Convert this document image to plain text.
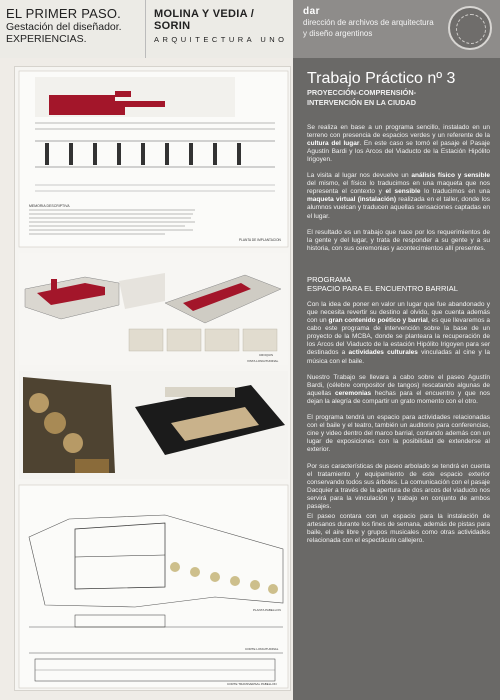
EL PRIMER PASO.
Gestación del diseñador.
EXPERIENCIAS.
MOLINA Y VEDIA / SORIN
ARQUITECTURA UNO
dar
dirección de archivos de arquitectura
y diseño argentinos
MEMORIA DESCRIPTIVA
PLANTA DE IMPLANTACION
VISTA LONGITUDINAL
CROQUIS
PLANTA PABELLON
CORTE LONGITUDINAL
CORTE TRANSVERSAL PABELLON
Trabajo Práctico nº 3
PROYECCIÓN-COMPRENSIÓN-
INTERVENCIÓN EN LA CIUDAD

Se realiza en base a un programa sencillo, instalado en un terreno con presencia de espacios verdes y un referente de la cultura del lugar. En este caso se tomó el pasaje el Pasaje Agustín Bardi y los Arcos del Viaducto de la Estación Hipólito Irigoyen.

La visita al lugar nos devuelve un análisis físico y sensible del mismo, el físico lo traducimos en una maqueta que nos representa el contexto y el sensible lo traducimos en una maqueta virtual (instalación) realizada en el taller, donde los alumnos vuelcan y traducen aquellas sensaciones captadas en el lugar.

El resultado es un trabajo que nace por los requerimientos de la gente y del lugar, y trata de responder a su gente y a su historia, con sus ceremonias y acontecimientos allí presentes.

PROGRAMA
ESPACIO PARA EL ENCUENTRO BARRIAL

Con la idea de poner en valor un lugar que fue abandonado y que necesita revertir su destino al olvido, que cuenta además con un gran contenido poético y barrial, es que llevaremos a cabo este programa de intervención sobre la base de un proyecto de la MCBA, donde se planteara la recuperación de los Arcos del Viaducto de la estación Hipólito Irigoyen para ser destinados a actividades culturales vinculadas al cine y la música con el baile.

Nuestro Trabajo se llevara a cabo sobre el paseo Agustín Bardi, (célebre compositor de tangos) rescatando algunas de aquellas ceremonias hechas para el encuentro y que nos dejan la alegría de compartir un grato momento con el otro.

El programa tendrá un espacio para actividades relacionadas con el baile y el teatro, también un auditorio para conferencias, cine y video dentro del marco barrial, contando además con un lugar de exposiciones con la posibilidad de extenderse al exterior.

Por sus características de paseo arbolado se tendrá en cuenta el tratamiento y equipamiento de este espacio exterior conservando todos sus árboles. La comunicación con el pasaje Dacquier a través de la apertura de dos arcos del viaducto nos servirá para la vinculación y trabajo en conjunto de ambos pasajes.

El paseo contara con un espacio para la instalación de artesanos durante los fines de semana, además de pistas para baile, el aire libre y grupos musicales como otras actividades relacionada con el espectáculo callejero.
